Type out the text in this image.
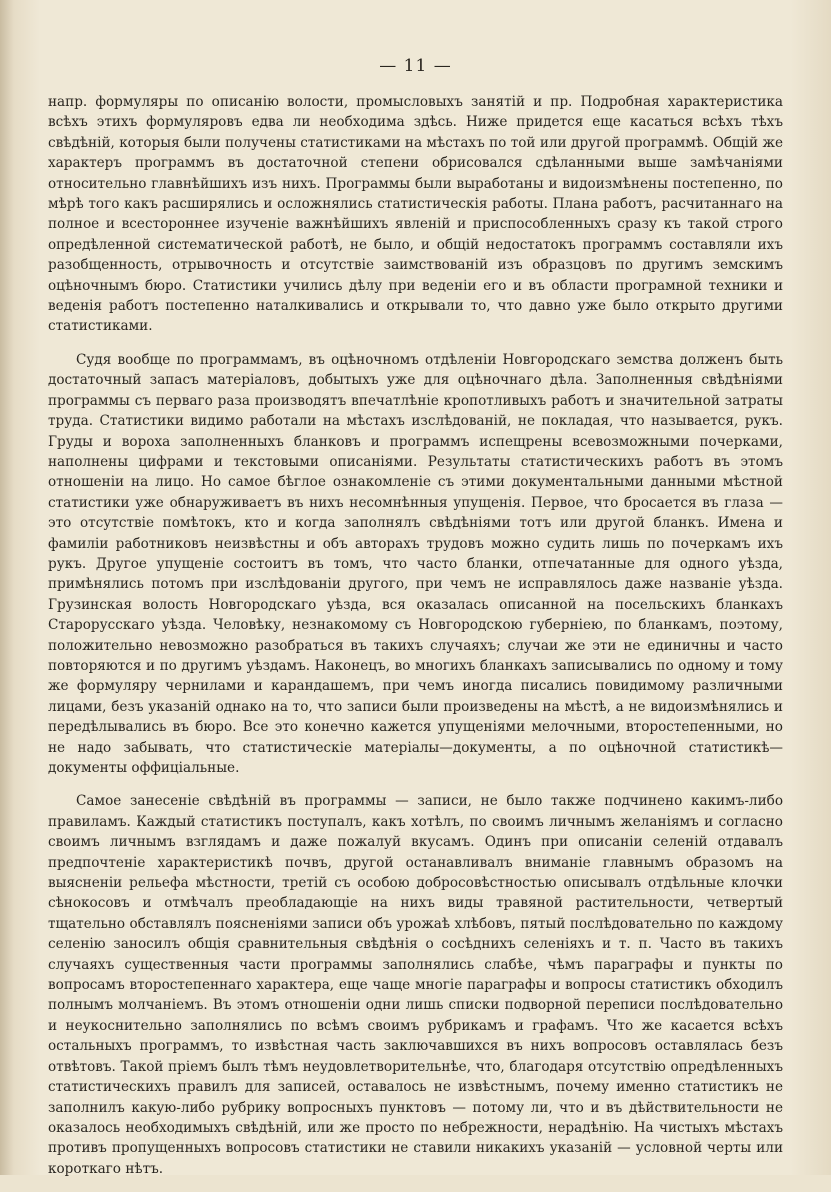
— 11 —

напр. формуляры по описанію волости, промысловыхъ занятій и пр. Подробная характеристика всѣхъ этихъ формуляровъ едва ли необходима здѣсь. Ниже придется еще касаться всѣхъ тѣхъ свѣдѣній, которыя были получены статистиками на мѣстахъ по той или другой программѣ. Общій же характеръ программъ въ достаточной степени обрисовался сдѣланными выше замѣчаніями относительно главнѣйшихъ изъ нихъ. Программы были выработаны и видоизмѣнены постепенно, по мѣрѣ того какъ расширялись и осложнялись статистическія работы. Плана работъ, расчитаннаго на полное и всестороннее изученіе важнѣйшихъ явленій и приспособленныхъ сразу къ такой строго опредѣленной систематической работѣ, не было, и общій недостатокъ программъ составляли ихъ разобщенность, отрывочность и отсутствіе заимствованій изъ образцовъ по другимъ земскимъ оцѣночнымъ бюро. Статистики учились дѣлу при веденіи его и въ области програмной техники и веденія работъ постепенно наталкивались и открывали то, что давно уже было открыто другими статистиками.

Судя вообще по программамъ, въ оцѣночномъ отдѣленіи Новгородскаго земства долженъ быть достаточный запасъ матеріаловъ, добытыхъ уже для оцѣночнаго дѣла. Заполненныя свѣдѣніями программы съ перваго раза производятъ впечатлѣніе кропотливыхъ работъ и значительной затраты труда. Статистики видимо работали на мѣстахъ изслѣдованій, не покладая, что называется, рукъ. Груды и вороха заполненныхъ бланковъ и программъ испещрены всевозможными почерками, наполнены цифрами и текстовыми описаніями. Результаты статистическихъ работъ въ этомъ отношеніи на лицо. Но самое бѣглое ознакомленіе съ этими документальными данными мѣстной статистики уже обнаруживаетъ въ нихъ несомнѣнныя упущенія. Первое, что бросается въ глаза — это отсутствіе помѣтокъ, кто и когда заполнялъ свѣдѣніями тотъ или другой бланкъ. Имена и фамиліи работниковъ неизвѣстны и объ авторахъ трудовъ можно судить лишь по почеркамъ ихъ рукъ. Другое упущеніе состоитъ въ томъ, что часто бланки, отпечатанные для одного уѣзда, примѣнялись потомъ при изслѣдованіи другого, при чемъ не исправлялось даже названіе уѣзда. Грузинская волость Новгородскаго уѣзда, вся оказалась описанной на посельскихъ бланкахъ Старорусскаго уѣзда. Человѣку, незнакомому съ Новгородскою губерніею, по бланкамъ, поэтому, положительно невозможно разобраться въ такихъ случаяхъ; случаи же эти не единичны и часто повторяются и по другимъ уѣздамъ. Наконецъ, во многихъ бланкахъ записывались по одному и тому же формуляру чернилами и карандашемъ, при чемъ иногда писались повидимому различными лицами, безъ указаній однако на то, что записи были произведены на мѣстѣ, а не видоизмѣнялись и передѣлывались въ бюро. Все это конечно кажется упущеніями мелочными, второстепенными, но не надо забывать, что статистическіе матеріалы—документы, а по оцѣночной статистикѣ—документы оффиціальные.

Самое занесеніе свѣдѣній въ программы — записи, не было также подчинено какимъ-либо правиламъ. Каждый статистикъ поступалъ, какъ хотѣлъ, по своимъ личнымъ желаніямъ и согласно своимъ личнымъ взглядамъ и даже пожалуй вкусамъ. Одинъ при описаніи селеній отдавалъ предпочтеніе характеристикѣ почвъ, другой останавливалъ вниманіе главнымъ образомъ на выясненіи рельефа мѣстности, третій съ особою добросовѣстностью описывалъ отдѣльные клочки сѣнокосовъ и отмѣчалъ преобладающіе на нихъ виды травяной растительности, четвертый тщательно обставлялъ поясненіями записи объ урожаѣ хлѣбовъ, пятый послѣдовательно по каждому селенію заносилъ общія сравнительныя свѣдѣнія о сосѣднихъ селеніяхъ и т. п. Часто въ такихъ случаяхъ существенныя части программы заполнялись слабѣе, чѣмъ параграфы и пункты по вопросамъ второстепеннаго характера, еще чаще многіе параграфы и вопросы статистикъ обходилъ полнымъ молчаніемъ. Въ этомъ отношеніи одни лишь списки подворной переписи послѣдовательно и неукоснительно заполнялись по всѣмъ своимъ рубрикамъ и графамъ. Что же касается всѣхъ остальныхъ программъ, то извѣстная часть заключавшихся въ нихъ вопросовъ оставлялась безъ отвѣтовъ. Такой пріемъ былъ тѣмъ неудовлетворительнѣе, что, благодаря отсутствію опредѣленныхъ статистическихъ правилъ для записей, оставалось не извѣстнымъ, почему именно статистикъ не заполнилъ какую-либо рубрику вопросныхъ пунктовъ — потому ли, что и въ дѣйствительности не оказалось необходимыхъ свѣдѣній, или же просто по небрежности, нерадѣнію. На чистыхъ мѣстахъ противъ пропущенныхъ вопросовъ статистики не ставили никакихъ указаній — условной черты или короткаго нѣтъ.
